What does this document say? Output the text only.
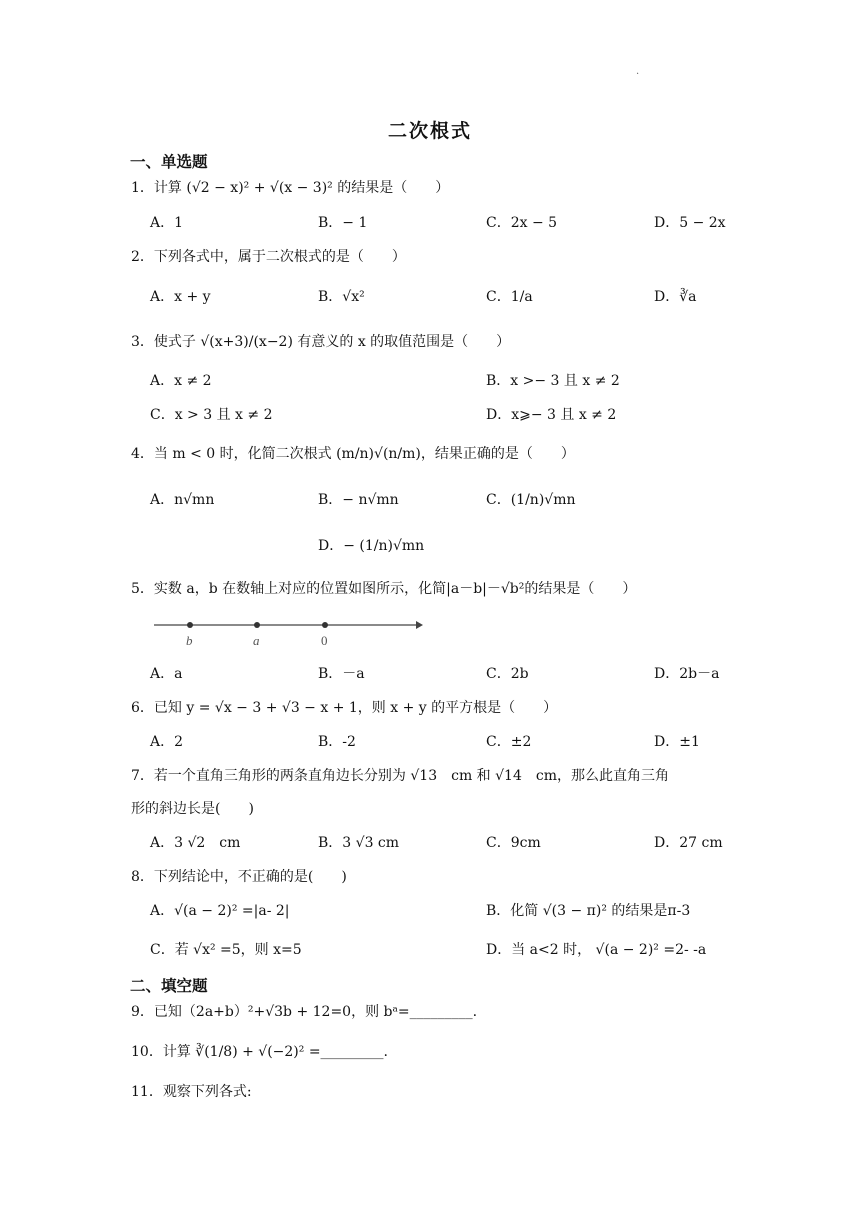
.
二次根式
一、单选题
1．计算 (√2 − x)² + √(x − 3)² 的结果是（　　）
A．1	B．− 1	C．2x − 5	D．5 − 2x
2．下列各式中，属于二次根式的是（　　）
A．x + y	B．√x²	C．1/a	D．∛a
3．使式子 √(x+3)/(x−2) 有意义的 x 的取值范围是（　　）
A．x ≠ 2	B．x >− 3 且 x ≠ 2
C．x > 3 且 x ≠ 2	D．x⩾− 3 且 x ≠ 2
4．当 m < 0 时，化简二次根式 (m/n)√(n/m)，结果正确的是（　　）
A．n√mn	B．− n√mn	C．(1/n)√mn
D．− (1/n)√mn
5．实数 a，b 在数轴上对应的位置如图所示，化简|a－b|－√b²的结果是（　　）
b	a	0
A．a	B．－a	C．2b	D．2b－a
6．已知 y = √x − 3 + √3 − x + 1，则 x + y 的平方根是（　　）
A．2	B．-2	C．±2	D．±1
7．若一个直角三角形的两条直角边长分别为 √13　cm 和 √14　cm，那么此直角三角
形的斜边长是(　　)
A．3 √2　cm	B．3 √3 cm	C．9cm	D．27 cm
8．下列结论中，不正确的是(　　)
A．√(a − 2)² =|a- 2|	B．化简 √(3 − π)² 的结果是π-3
C．若 √x² =5，则 x=5	D．当 a<2 时， √(a − 2)² =2- -a
二、填空题
9．已知（2a+b）²+√3b + 12=0，则 bᵃ=_________.
10．计算 ∛(1/8) + √(−2)² =_________.
11．观察下列各式:
